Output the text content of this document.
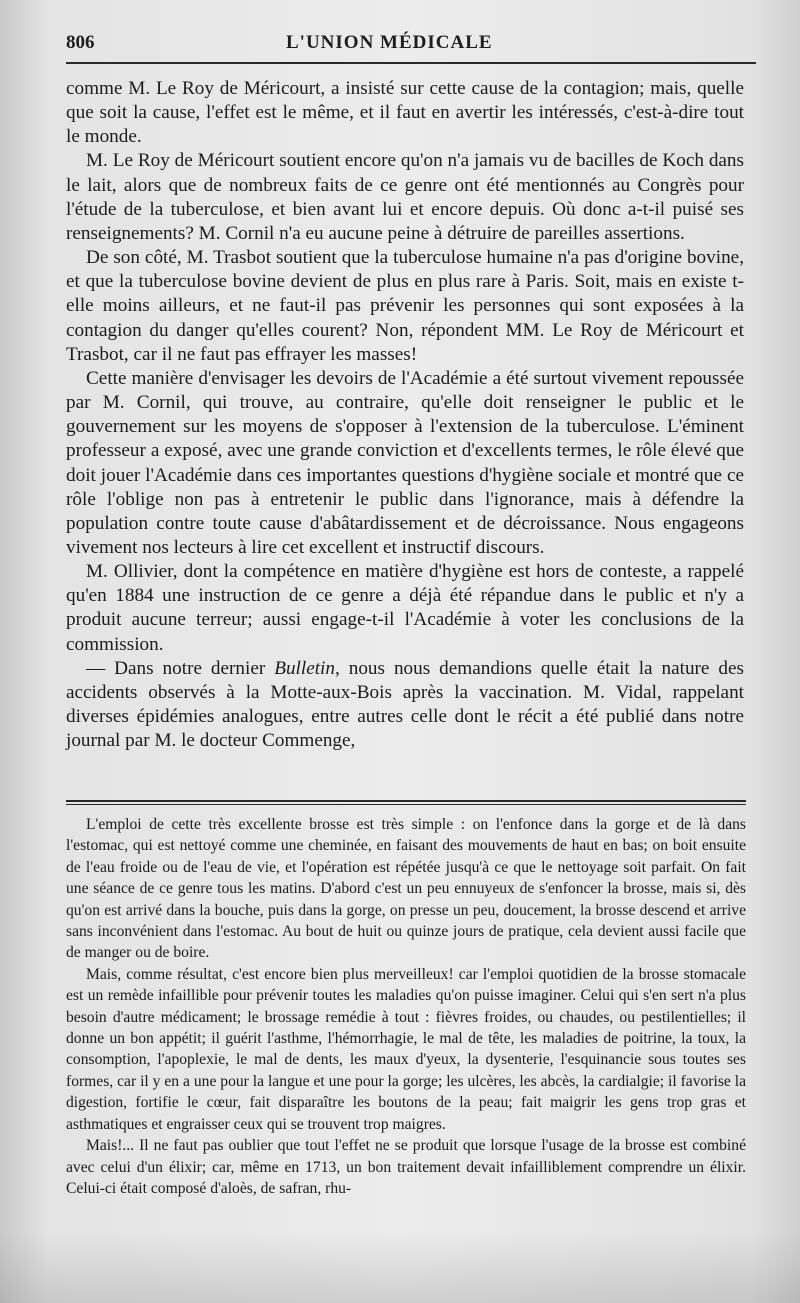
806	L'UNION MÉDICALE

comme M. Le Roy de Méricourt, a insisté sur cette cause de la contagion; mais, quelle que soit la cause, l'effet est le même, et il faut en avertir les intéressés, c'est-à-dire tout le monde.

M. Le Roy de Méricourt soutient encore qu'on n'a jamais vu de bacilles de Koch dans le lait, alors que de nombreux faits de ce genre ont été mentionnés au Congrès pour l'étude de la tuberculose, et bien avant lui et encore depuis. Où donc a-t-il puisé ses renseignements? M. Cornil n'a eu aucune peine à détruire de pareilles assertions.

De son côté, M. Trasbot soutient que la tuberculose humaine n'a pas d'origine bovine, et que la tuberculose bovine devient de plus en plus rare à Paris. Soit, mais en existe t-elle moins ailleurs, et ne faut-il pas prévenir les personnes qui sont exposées à la contagion du danger qu'elles courent? Non, répondent MM. Le Roy de Méricourt et Trasbot, car il ne faut pas effrayer les masses!

Cette manière d'envisager les devoirs de l'Académie a été surtout vivement repoussée par M. Cornil, qui trouve, au contraire, qu'elle doit renseigner le public et le gouvernement sur les moyens de s'opposer à l'extension de la tuberculose. L'éminent professeur a exposé, avec une grande conviction et d'excellents termes, le rôle élevé que doit jouer l'Académie dans ces importantes questions d'hygiène sociale et montré que ce rôle l'oblige non pas à entretenir le public dans l'ignorance, mais à défendre la population contre toute cause d'abâtardissement et de décroissance. Nous engageons vivement nos lecteurs à lire cet excellent et instructif discours.

M. Ollivier, dont la compétence en matière d'hygiène est hors de conteste, a rappelé qu'en 1884 une instruction de ce genre a déjà été répandue dans le public et n'y a produit aucune terreur; aussi engage-t-il l'Académie à voter les conclusions de la commission.

— Dans notre dernier Bulletin, nous nous demandions quelle était la nature des accidents observés à la Motte-aux-Bois après la vaccination. M. Vidal, rappelant diverses épidémies analogues, entre autres celle dont le récit a été publié dans notre journal par M. le docteur Commenge,

L'emploi de cette très excellente brosse est très simple : on l'enfonce dans la gorge et de là dans l'estomac, qui est nettoyé comme une cheminée, en faisant des mouvements de haut en bas; on boit ensuite de l'eau froide ou de l'eau de vie, et l'opération est répétée jusqu'à ce que le nettoyage soit parfait. On fait une séance de ce genre tous les matins. D'abord c'est un peu ennuyeux de s'enfoncer la brosse, mais si, dès qu'on est arrivé dans la bouche, puis dans la gorge, on presse un peu, doucement, la brosse descend et arrive sans inconvénient dans l'estomac. Au bout de huit ou quinze jours de pratique, cela devient aussi facile que de manger ou de boire.

Mais, comme résultat, c'est encore bien plus merveilleux! car l'emploi quotidien de la brosse stomacale est un remède infaillible pour prévenir toutes les maladies qu'on puisse imaginer. Celui qui s'en sert n'a plus besoin d'autre médicament; le brossage remédie à tout : fièvres froides, ou chaudes, ou pestilentielles; il donne un bon appétit; il guérit l'asthme, l'hémorrhagie, le mal de tête, les maladies de poitrine, la toux, la consomption, l'apoplexie, le mal de dents, les maux d'yeux, la dysenterie, l'esquinancie sous toutes ses formes, car il y en a une pour la langue et une pour la gorge; les ulcères, les abcès, la cardialgie; il favorise la digestion, fortifie le cœur, fait disparaître les boutons de la peau; fait maigrir les gens trop gras et asthmatiques et engraisser ceux qui se trouvent trop maigres.

Mais!... Il ne faut pas oublier que tout l'effet ne se produit que lorsque l'usage de la brosse est combiné avec celui d'un élixir; car, même en 1713, un bon traitement devait infailliblement comprendre un élixir. Celui-ci était composé d'aloès, de safran, rhu-
